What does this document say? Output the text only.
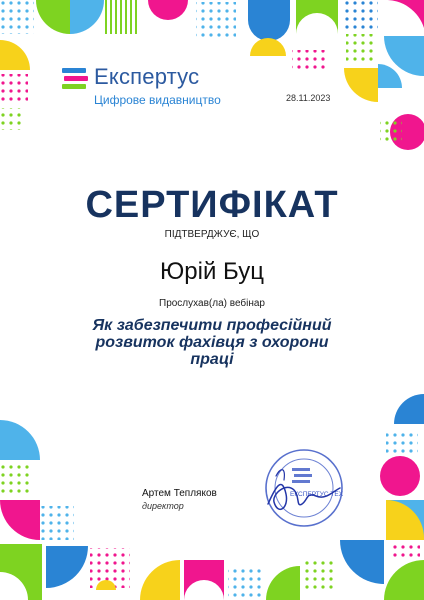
Експертус
Цифрове видавництво	28.11.2023
СЕРТИФІКАТ
ПІДТВЕРДЖУЄ, ЩО
Юрій Буц
Прослухав(ла) вебінар
Як забезпечити професійний розвиток фахівця з охорони праці
Артем Тепляков
директор
ЕКСПЕРТУС ТЕХ
